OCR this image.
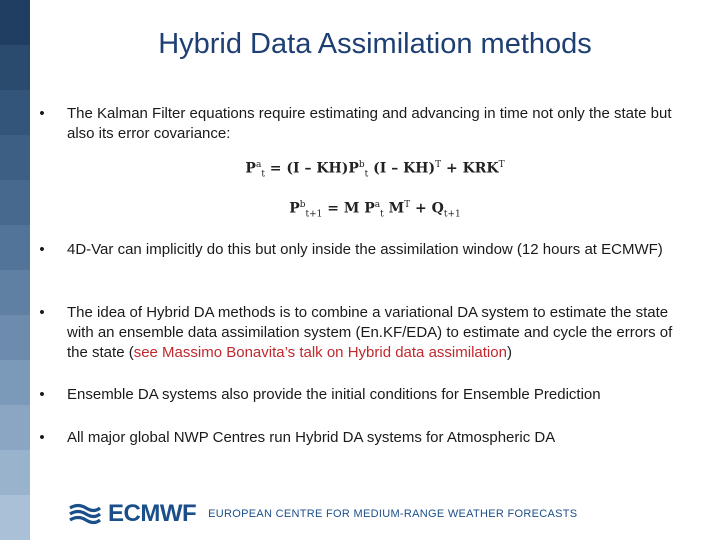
Hybrid Data Assimilation methods
•	The Kalman Filter equations require estimating and advancing in time not only the state but also its error covariance:
$P^a_t = (I - KH)P^b_t$ $(I - KH)^T + KRK^T$
$P^b_{t+1} = M$ $P^a_t$ $M^T + Q_{t+1}$
•	4D-Var can implicitly do this but only inside the assimilation window (12 hours at ECMWF)
•	The idea of Hybrid DA methods is to combine a variational DA system to estimate the state with an ensemble data assimilation system (En.KF/EDA) to estimate and cycle the errors of the state (see Massimo Bonavita’s talk on Hybrid data assimilation)
•	Ensemble DA systems also provide the initial conditions for Ensemble Prediction
•	All major global NWP Centres run Hybrid DA systems for Atmospheric DA
ECMWF EUROPEAN CENTRE FOR MEDIUM-RANGE WEATHER FORECASTS
